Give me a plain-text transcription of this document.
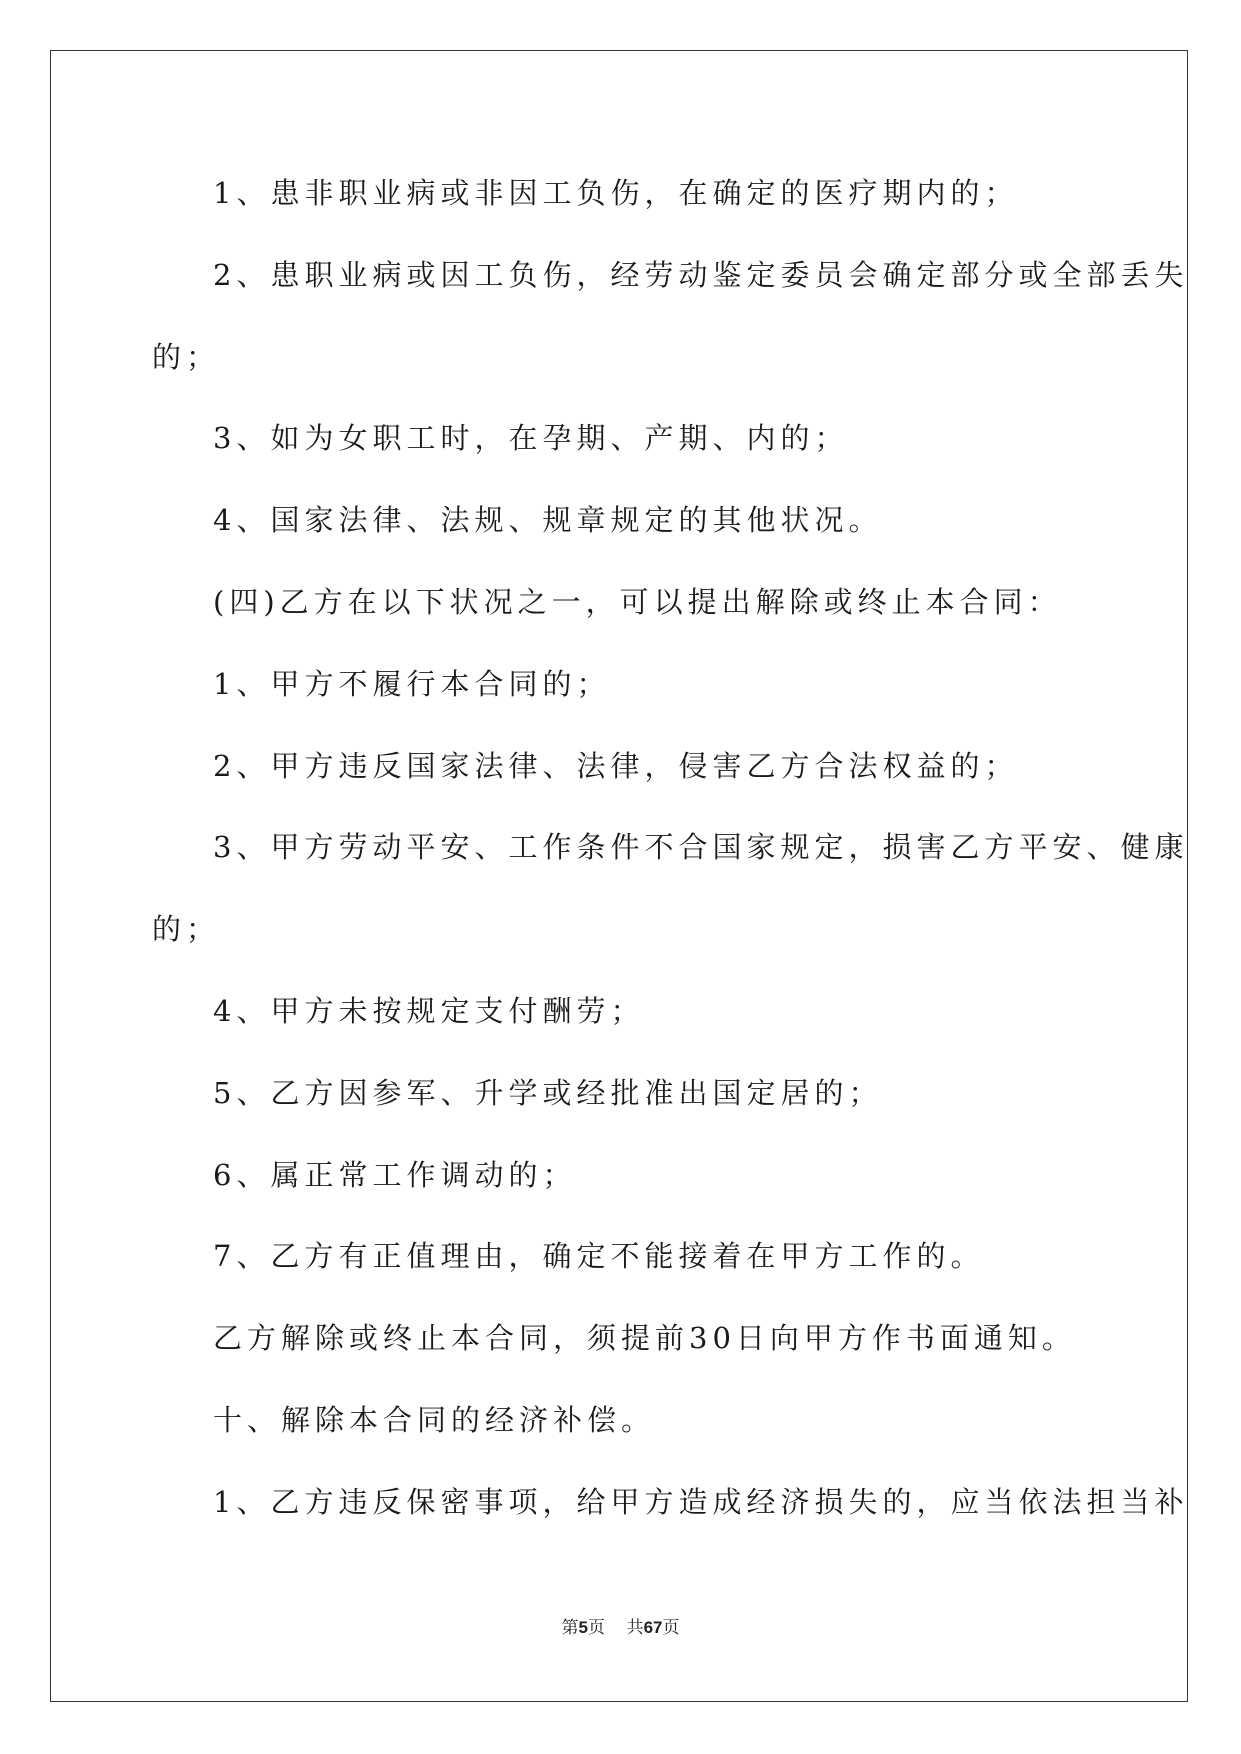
1、患非职业病或非因工负伤，在确定的医疗期内的；
2、患职业病或因工负伤，经劳动鉴定委员会确定部分或全部丢失
的；
3、如为女职工时，在孕期、产期、内的；
4、国家法律、法规、规章规定的其他状况。
(四)乙方在以下状况之一，可以提出解除或终止本合同：
1、甲方不履行本合同的；
2、甲方违反国家法律、法律，侵害乙方合法权益的；
3、甲方劳动平安、工作条件不合国家规定，损害乙方平安、健康
的；
4、甲方未按规定支付酬劳；
5、乙方因参军、升学或经批准出国定居的；
6、属正常工作调动的；
7、乙方有正值理由，确定不能接着在甲方工作的。
乙方解除或终止本合同，须提前30日向甲方作书面通知。
十、解除本合同的经济补偿。
1、乙方违反保密事项，给甲方造成经济损失的，应当依法担当补
第5页    共67页
